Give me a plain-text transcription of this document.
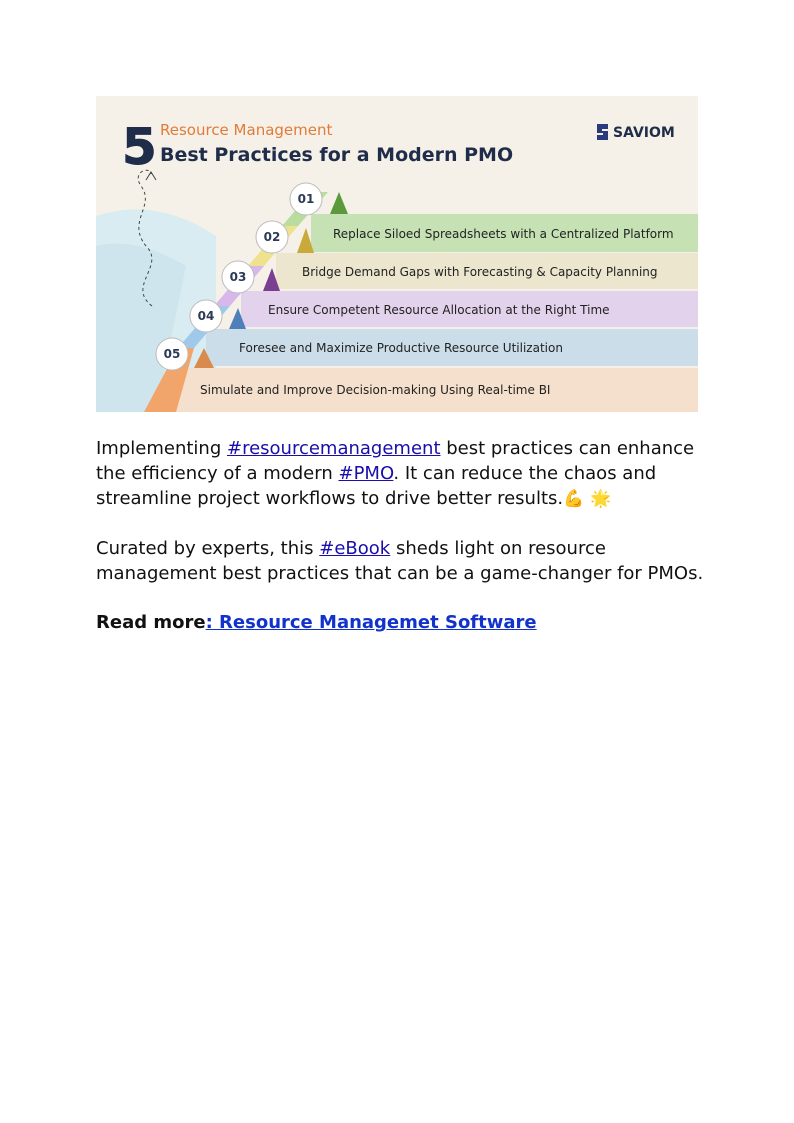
01
02
03
04
05
Replace Siloed Spreadsheets with a Centralized Platform
Bridge Demand Gaps with Forecasting & Capacity Planning
Ensure Competent Resource Allocation at the Right Time
Foresee and Maximize Productive Resource Utilization
Simulate and Improve Decision-making Using Real-time BI
5 Resource Management
Best Practices for a Modern PMO
SAVIOM

Implementing #resourcemanagement best practices can enhance the efficiency of a modern #PMO. It can reduce the chaos and streamline project workflows to drive better results.💪 🌟

Curated by experts, this #eBook sheds light on resource management best practices that can be a game-changer for PMOs.

Read more: Resource Managemet Software
